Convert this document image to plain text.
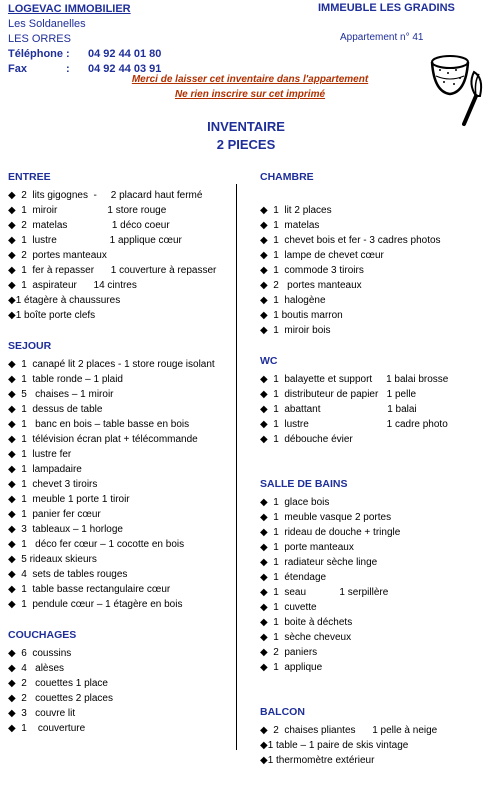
LOGEVAC IMMOBILIER
Les Soldanelles
LES ORRES
Téléphone :	04 92 44 01 80
Fax	:	04 92 44 03 91
IMMEUBLE LES GRADINS
Appartement n° 41
Merci de laisser cet inventaire dans l'appartement
Ne rien inscrire sur cet imprimé
INVENTAIRE
2 PIECES
ENTREE
◆  2  lits gigognes  -     2 placard haut fermé
◆  1  miroir                  1 store rouge
◆  2  matelas                1 déco coeur
◆  1  lustre                   1 applique cœur
◆  2  portes manteaux
◆  1  fer à repasser      1 couverture à repasser
◆  1  aspirateur      14 cintres
◆1 étagère à chaussures
◆1 boîte porte clefs
SEJOUR
◆  1  canapé lit 2 places - 1 store rouge isolant
◆  1  table ronde – 1 plaid
◆  5   chaises – 1 miroir
◆  1  dessus de table
◆  1   banc en bois – table basse en bois
◆  1  télévision écran plat + télécommande
◆  1  lustre fer
◆  1  lampadaire
◆  1  chevet 3 tiroirs
◆  1  meuble 1 porte 1 tiroir
◆  1  panier fer cœur
◆  3  tableaux – 1 horloge
◆  1   déco fer cœur – 1 cocotte en bois
◆  5 rideaux skieurs
◆  4  sets de tables rouges
◆  1  table basse rectangulaire cœur
◆  1  pendule cœur – 1 étagère en bois
COUCHAGES
◆  6  coussins
◆  4   alèses
◆  2   couettes 1 place
◆  2   couettes 2 places
◆  3   couvre lit
◆  1    couverture
CHAMBRE

◆  1  lit 2 places
◆  1  matelas
◆  1  chevet bois et fer - 3 cadres photos
◆  1  lampe de chevet cœur
◆  1  commode 3 tiroirs
◆  2   portes manteaux
◆  1  halogène
◆  1 boutis marron
◆  1  miroir bois
WC
◆  1  balayette et support     1 balai brosse
◆  1  distributeur de papier   1 pelle
◆  1  abattant                        1 balai
◆  1  lustre                            1 cadre photo
◆  1  débouche évier
SALLE DE BAINS
◆  1  glace bois
◆  1  meuble vasque 2 portes
◆  1  rideau de douche + tringle
◆  1  porte manteaux
◆  1  radiateur sèche linge
◆  1  étendage
◆  1  seau            1 serpillère
◆  1  cuvette
◆  1  boite à déchets
◆  1  sèche cheveux
◆  2  paniers
◆  1  applique
BALCON
◆  2  chaises pliantes      1 pelle à neige
◆1 table – 1 paire de skis vintage
◆1 thermomètre extérieur
